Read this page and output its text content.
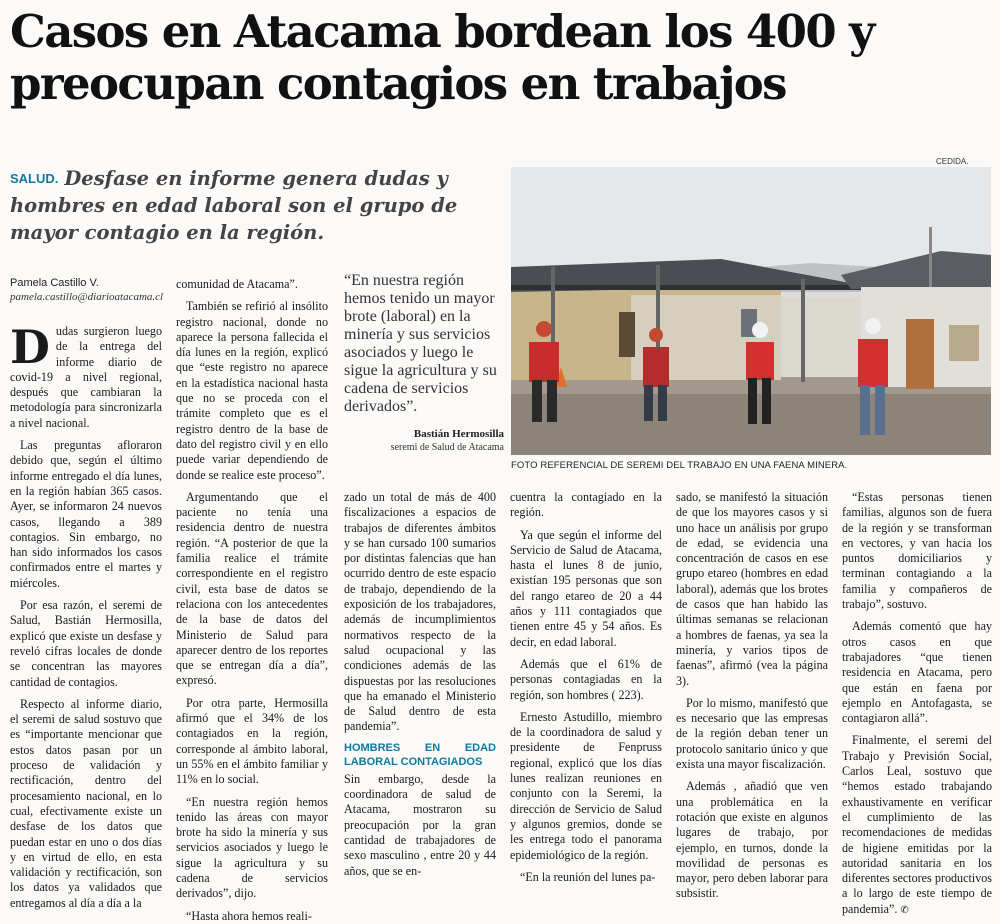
Casos en Atacama bordean los 400 y
preocupan contagios en trabajos
SALUD. Desfase en informe genera dudas y hombres en edad laboral son el grupo de mayor contagio en la región.
CEDIDA.
FOTO REFERENCIAL DE SEREMI DEL TRABAJO EN UNA FAENA MINERA.
Pamela Castillo V.
pamela.castillo@diarioatacama.cl
“En nuestra región hemos tenido un mayor brote (laboral) en la minería y sus servicios asociados y luego le sigue la agricultura y su cadena de servicios derivados”.
Bastián Hermosilla
seremi de Salud de Atacama

Dudas surgieron luego de la entrega del informe diario de covid-19 a nivel regional, después que cambiaran la metodología para sincronizarla a nivel nacional.

Las preguntas afloraron debido que, según el último informe entregado el día lunes, en la región habían 365 casos. Ayer, se informaron 24 nuevos casos, llegando a 389 contagios. Sin embargo, no han sido informados los casos confirmados entre el martes y miércoles.

Por esa razón, el seremi de Salud, Bastián Hermosilla, explicó que existe un desfase y reveló cifras locales de donde se concentran las mayores cantidad de contagios.

Respecto al informe diario, el seremi de salud sostuvo que es “importante mencionar que estos datos pasan por un proceso de validación y rectificación, dentro del procesamiento nacional, en lo cual, efectivamente existe un desfase de los datos que puedan estar en uno o dos días y en virtud de ello, en esta validación y rectificación, son los datos ya validados que entregamos al día a día a la

comunidad de Atacama”.

También se refirió al insólito registro nacional, donde no aparece la persona fallecida el día lunes en la región, explicó que “este registro no aparece en la estadística nacional hasta que no se proceda con el trámite completo que es el registro dentro de la base de dato del registro civil y en ello puede variar dependiendo de donde se realice este proceso”.

Argumentando que el paciente no tenía una residencia dentro de nuestra región. “A posterior de que la familia realice el trámite correspondiente en el registro civil, esta base de datos se relaciona con los antecedentes de la base de datos del Ministerio de Salud para aparecer dentro de los reportes que se entregan día a día”, expresó.

Por otra parte, Hermosilla afirmó que el 34% de los contagiados en la región, corresponde al ámbito laboral, un 55% en el ámbito familiar y 11% en lo social.

“En nuestra región hemos tenido las áreas con mayor brote ha sido la minería y sus servicios asociados y luego le sigue la agricultura y su cadena de servicios derivados”, dijo.

“Hasta ahora hemos reali-

zado un total de más de 400 fiscalizaciones a espacios de trabajos de diferentes ámbitos y se han cursado 100 sumarios por distintas falencias que han ocurrido dentro de este espacio de trabajo, dependiendo de la exposición de los trabajadores, además de incumplimientos normativos respecto de la salud ocupacional y las condiciones además de las dispuestas por las resoluciones que ha emanado el Ministerio de Salud dentro de esta pandemia”.

HOMBRES EN EDAD LABORAL CONTAGIADOS

Sin embargo, desde la coordinadora de salud de Atacama, mostraron su preocupación por la gran cantidad de trabajadores de sexo masculino , entre 20 y 44 años, que se en-

cuentra la contagiado en la región.

Ya que según el informe del Servicio de Salud de Atacama, hasta el lunes 8 de junio, existían 195 personas que son del rango etareo de 20 a 44 años y 111 contagiados que tienen entre 45 y 54 años. Es decir, en edad laboral.

Además que el 61% de personas contagiadas en la región, son hombres ( 223).

Ernesto Astudillo, miembro de la coordinadora de salud y presidente de Fenpruss regional, explicó que los días lunes realizan reuniones en conjunto con la Seremi, la dirección de Servicio de Salud y algunos gremios, donde se les entrega todo el panorama epidemiológico de la región.

“En la reunión del lunes pa-

sado, se manifestó la situación de que los mayores casos y si uno hace un análisis por grupo de edad, se evidencia una concentración de casos en ese grupo etareo (hombres en edad laboral), además que los brotes de casos que han habido las últimas semanas se relacionan a hombres de faenas, ya sea la minería, y varios tipos de faenas”, afirmó (vea la página 3).

Por lo mismo, manifestó que es necesario que las empresas de la región deban tener un protocolo sanitario único y que exista una mayor fiscalización.

Además , añadió que ven una problemática en la rotación que existe en algunos lugares de trabajo, por ejemplo, en turnos, donde la movilidad de personas es mayor, pero deben laborar para subsistir.

“Estas personas tienen familias, algunos son de fuera de la región y se transforman en vectores, y van hacia los puntos domiciliarios y terminan contagiando a la familia y compañeros de trabajo”, sostuvo.

Además comentó que hay otros casos en que trabajadores “que tienen residencia en Atacama, pero que están en faena por ejemplo en Antofagasta, se contagiaron allá”.

Finalmente, el seremi del Trabajo y Previsión Social, Carlos Leal, sostuvo que “hemos estado trabajando exhaustivamente en verificar el cumplimiento de las recomendaciones de medidas de higiene emitidas por la autoridad sanitaria en los diferentes sectores productivos a lo largo de este tiempo de pandemia”. ✆
